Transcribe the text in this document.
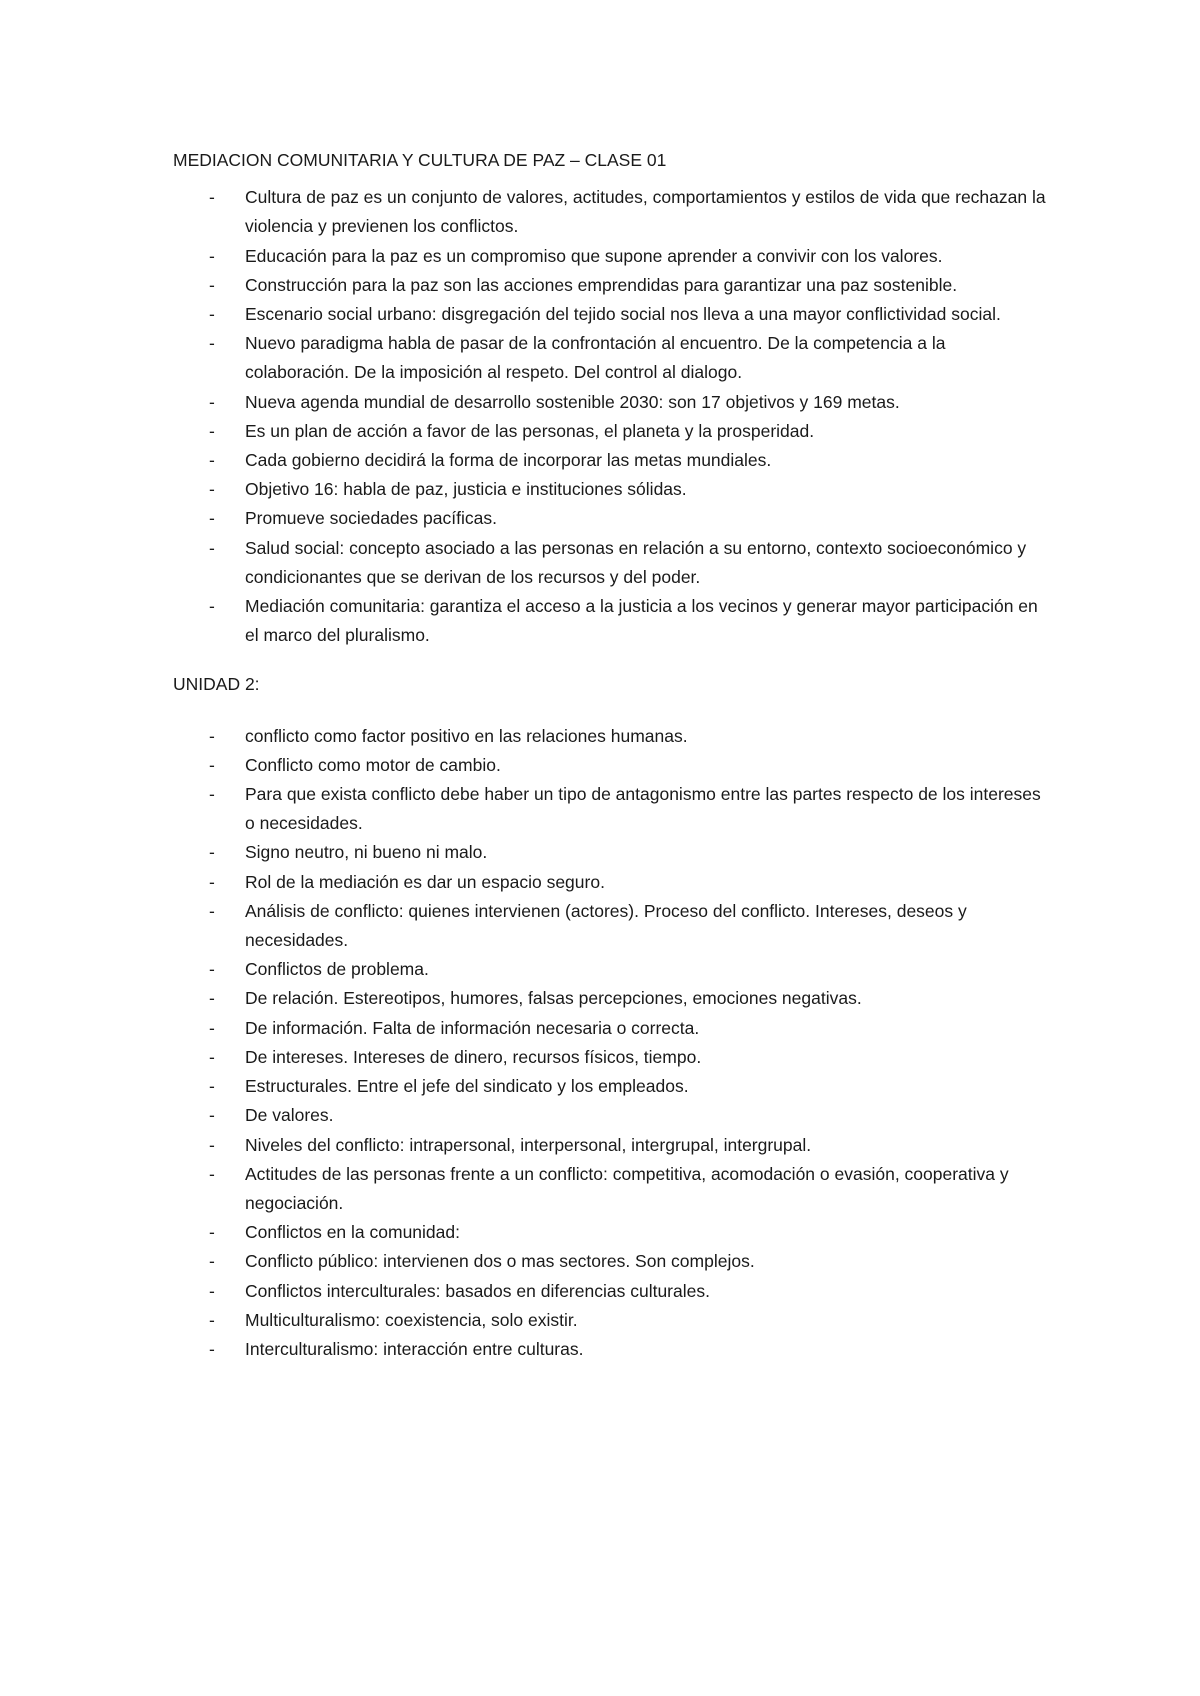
MEDIACION COMUNITARIA Y CULTURA DE PAZ – CLASE 01

- Cultura de paz es un conjunto de valores, actitudes, comportamientos y estilos de vida que rechazan la violencia y previenen los conflictos.
- Educación para la paz es un compromiso que supone aprender a convivir con los valores.
- Construcción para la paz son las acciones emprendidas para garantizar una paz sostenible.
- Escenario social urbano: disgregación del tejido social nos lleva a una mayor conflictividad social.
- Nuevo paradigma habla de pasar de la confrontación al encuentro. De la competencia a la colaboración. De la imposición al respeto. Del control al dialogo.
- Nueva agenda mundial de desarrollo sostenible 2030: son 17 objetivos y 169 metas.
- Es un plan de acción a favor de las personas, el planeta y la prosperidad.
- Cada gobierno decidirá la forma de incorporar las metas mundiales.
- Objetivo 16: habla de paz, justicia e instituciones sólidas.
- Promueve sociedades pacíficas.
- Salud social: concepto asociado a las personas en relación a su entorno, contexto socioeconómico y condicionantes que se derivan de los recursos y del poder.
- Mediación comunitaria: garantiza el acceso a la justicia a los vecinos y generar mayor participación en el marco del pluralismo.

UNIDAD 2:

- conflicto como factor positivo en las relaciones humanas.
- Conflicto como motor de cambio.
- Para que exista conflicto debe haber un tipo de antagonismo entre las partes respecto de los intereses o necesidades.
- Signo neutro, ni bueno ni malo.
- Rol de la mediación es dar un espacio seguro.
- Análisis de conflicto: quienes intervienen (actores). Proceso del conflicto. Intereses, deseos y necesidades.
- Conflictos de problema.
- De relación. Estereotipos, humores, falsas percepciones, emociones negativas.
- De información. Falta de información necesaria o correcta.
- De intereses. Intereses de dinero, recursos físicos, tiempo.
- Estructurales. Entre el jefe del sindicato y los empleados.
- De valores.
- Niveles del conflicto: intrapersonal, interpersonal, intergrupal, intergrupal.
- Actitudes de las personas frente a un conflicto: competitiva, acomodación o evasión, cooperativa y negociación.
- Conflictos en la comunidad:
- Conflicto público: intervienen dos o mas sectores. Son complejos.
- Conflictos interculturales: basados en diferencias culturales.
- Multiculturalismo: coexistencia, solo existir.
- Interculturalismo: interacción entre culturas.
